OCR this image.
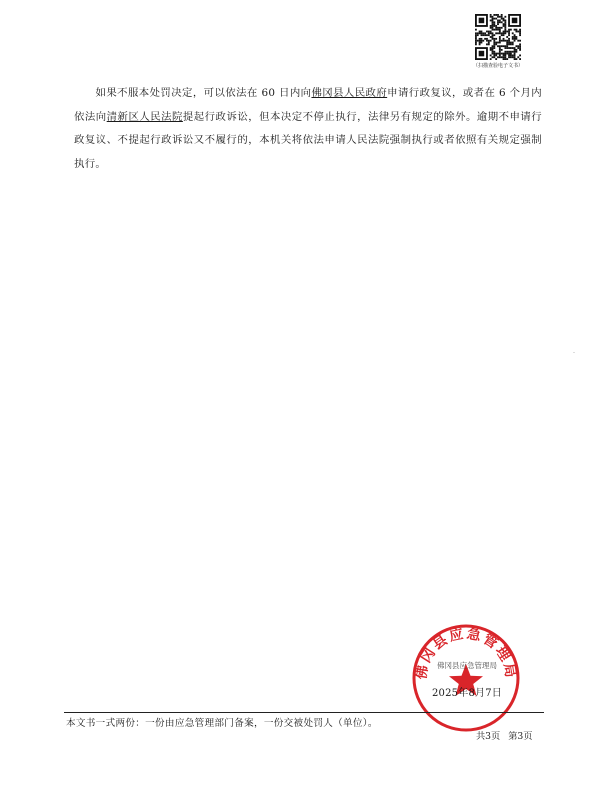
（扫描查验电子文书）

  如果不服本处罚决定，可以依法在 60 日内向佛冈县人民政府申请行政复议，或者在 6 个月内依法向清新区人民法院提起行政诉讼，但本决定不停止执行，法律另有规定的除外。逾期不申请行政复议、不提起行政诉讼又不履行的，本机关将依法申请人民法院强制执行或者依照有关规定强制执行。

佛冈县应急管理局
佛冈县应急管理局
2025年8月7日
本文书一式两份：一份由应急管理部门备案，一份交被处罚人（单位）。
共3页 第3页
